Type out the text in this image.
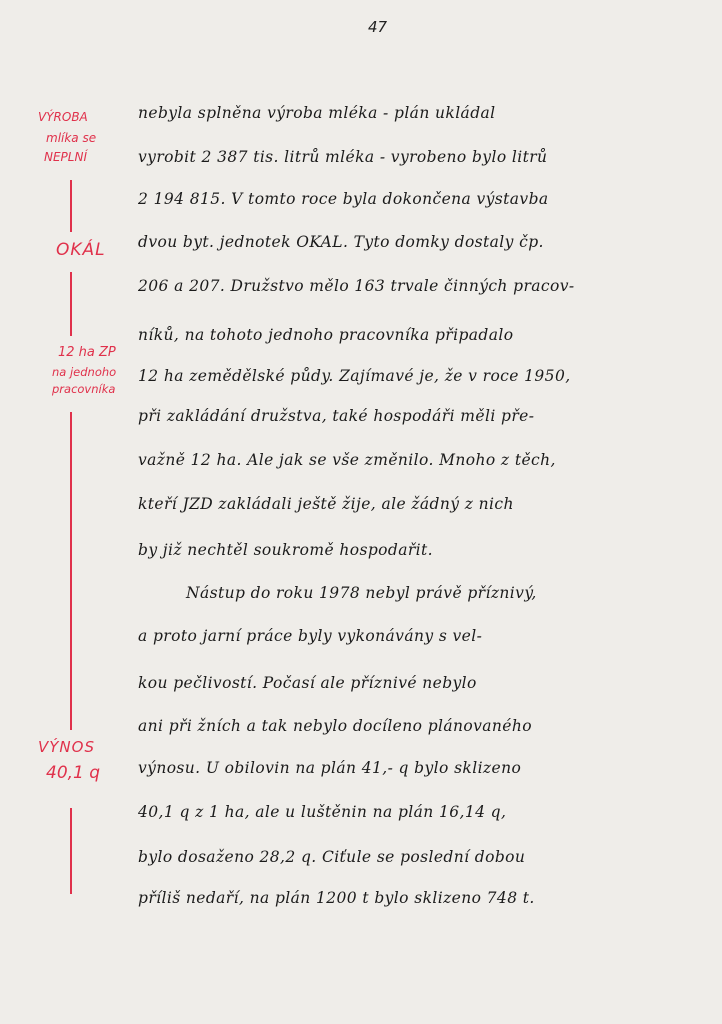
47
VÝROBA
mlíka se
NEPLNÍ
OKÁL
12 ha ZP
na jednoho
pracovníka
VÝNOS
40,1 q
nebyla splněna výroba mléka - plán ukládal
vyrobit 2 387 tis. litrů mléka - vyrobeno bylo litrů
2 194 815. V tomto roce byla dokončena výstavba
dvou byt. jednotek OKAL. Tyto domky dostaly čp.
206 a 207. Družstvo mělo 163 trvale činných pracov-
níků, na tohoto jednoho pracovníka připadalo
12 ha zemědělské půdy. Zajímavé je, že v roce 1950,
při zakládání družstva, také hospodáři měli pře-
važně 12 ha. Ale jak se vše změnilo. Mnoho z těch,
kteří JZD zakládali ještě žije, ale žádný z nich
by již nechtěl soukromě hospodařit.
Nástup do roku 1978 nebyl právě příznivý,
a proto jarní práce byly vykonávány s vel-
kou pečlivostí. Počasí ale příznivé nebylo
ani při žních a tak nebylo docíleno plánovaného
výnosu. U obilovin na plán 41,- q bylo sklizeno
40,1 q z 1 ha, ale u luštěnin na plán 16,14 q,
bylo dosaženo 28,2 q. Ciťule se poslední dobou
příliš nedaří, na plán 1200 t bylo sklizeno 748 t.
